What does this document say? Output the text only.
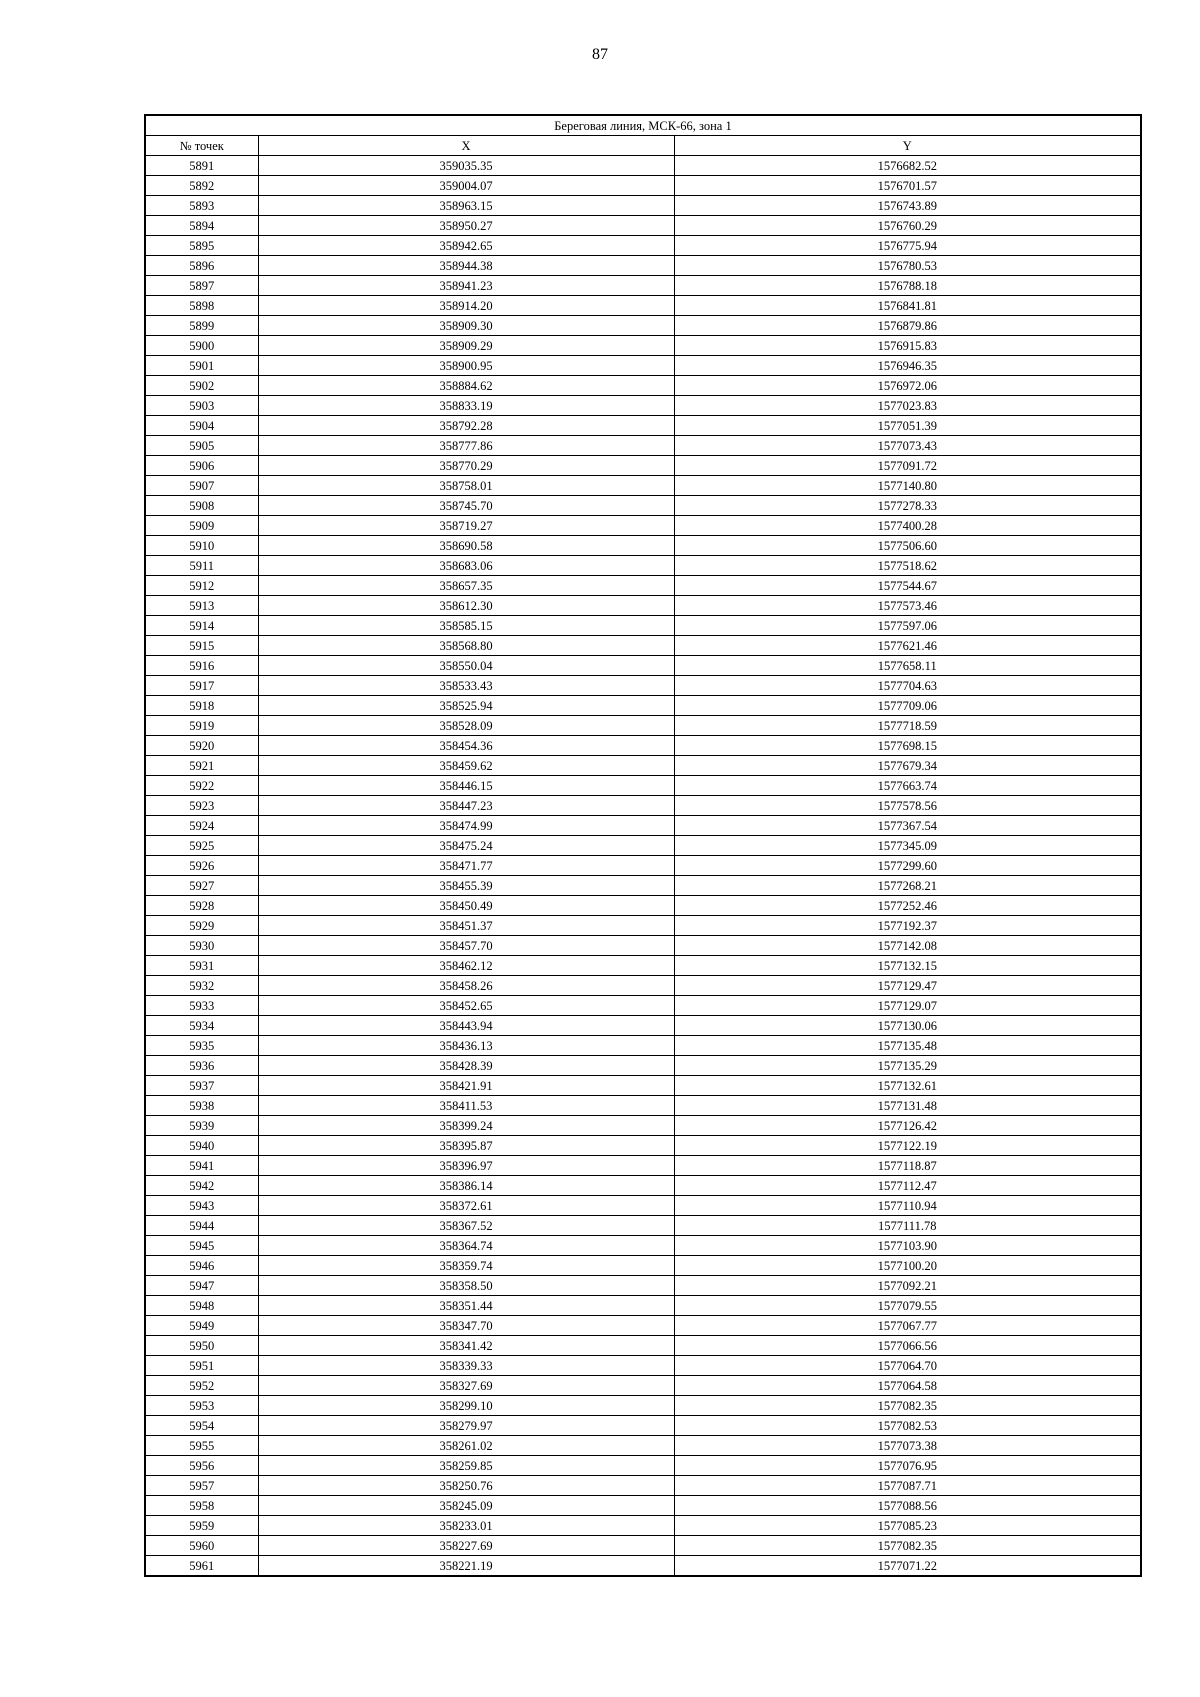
87
Береговая линия, МСК-66, зона 1		
№ точек	X	Y
5891	359035.35	1576682.52
5892	359004.07	1576701.57
5893	358963.15	1576743.89
5894	358950.27	1576760.29
5895	358942.65	1576775.94
5896	358944.38	1576780.53
5897	358941.23	1576788.18
5898	358914.20	1576841.81
5899	358909.30	1576879.86
5900	358909.29	1576915.83
5901	358900.95	1576946.35
5902	358884.62	1576972.06
5903	358833.19	1577023.83
5904	358792.28	1577051.39
5905	358777.86	1577073.43
5906	358770.29	1577091.72
5907	358758.01	1577140.80
5908	358745.70	1577278.33
5909	358719.27	1577400.28
5910	358690.58	1577506.60
5911	358683.06	1577518.62
5912	358657.35	1577544.67
5913	358612.30	1577573.46
5914	358585.15	1577597.06
5915	358568.80	1577621.46
5916	358550.04	1577658.11
5917	358533.43	1577704.63
5918	358525.94	1577709.06
5919	358528.09	1577718.59
5920	358454.36	1577698.15
5921	358459.62	1577679.34
5922	358446.15	1577663.74
5923	358447.23	1577578.56
5924	358474.99	1577367.54
5925	358475.24	1577345.09
5926	358471.77	1577299.60
5927	358455.39	1577268.21
5928	358450.49	1577252.46
5929	358451.37	1577192.37
5930	358457.70	1577142.08
5931	358462.12	1577132.15
5932	358458.26	1577129.47
5933	358452.65	1577129.07
5934	358443.94	1577130.06
5935	358436.13	1577135.48
5936	358428.39	1577135.29
5937	358421.91	1577132.61
5938	358411.53	1577131.48
5939	358399.24	1577126.42
5940	358395.87	1577122.19
5941	358396.97	1577118.87
5942	358386.14	1577112.47
5943	358372.61	1577110.94
5944	358367.52	1577111.78
5945	358364.74	1577103.90
5946	358359.74	1577100.20
5947	358358.50	1577092.21
5948	358351.44	1577079.55
5949	358347.70	1577067.77
5950	358341.42	1577066.56
5951	358339.33	1577064.70
5952	358327.69	1577064.58
5953	358299.10	1577082.35
5954	358279.97	1577082.53
5955	358261.02	1577073.38
5956	358259.85	1577076.95
5957	358250.76	1577087.71
5958	358245.09	1577088.56
5959	358233.01	1577085.23
5960	358227.69	1577082.35
5961	358221.19	1577071.22
